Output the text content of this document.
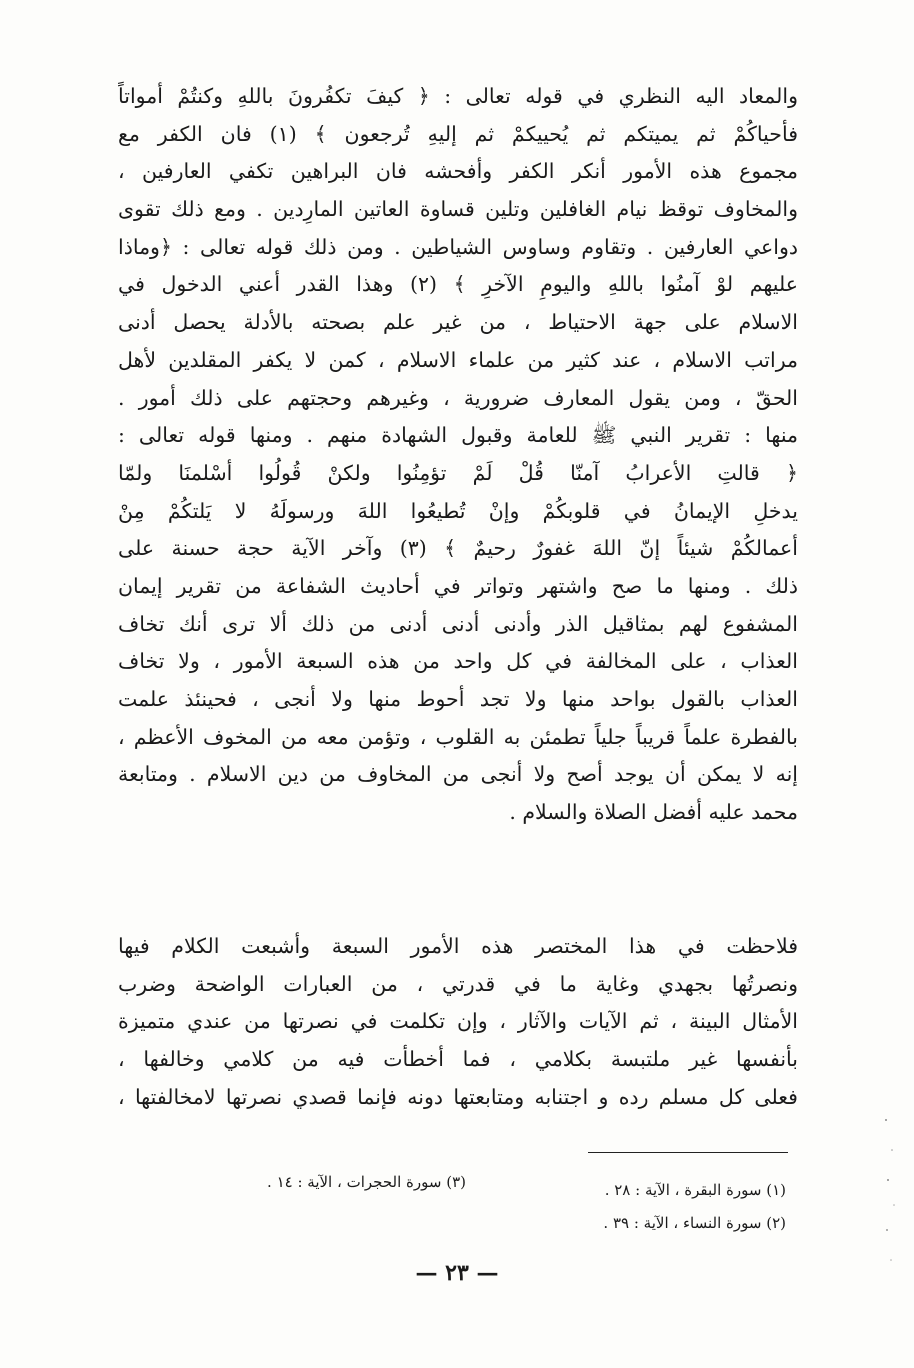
والمعاد اليه النظري في قوله تعالى : ﴿ كيفَ تكفُرونَ باللهِ وكنتُمْ أمواتاً
فأحياكُمْ ثم يميتكم ثم يُحييكمْ ثم إليهِ تُرجعون ﴾ (١) فان الكفر مع
مجموع هذه الأمور أنكر الكفر وأفحشه فان البراهين تكفي العارفين ،
والمخاوف توقظ نيام الغافلين وتلين قساوة العاتين المارِدين . ومع ذلك تقوى
دواعي العارفين . وتقاوم وساوس الشياطين . ومن ذلك قوله تعالى : ﴿وماذا
عليهم لوْ آمنُوا باللهِ واليومِ الآخرِ ﴾ (٢) وهذا القدر أعني الدخول في
الاسلام على جهة الاحتياط ، من غير علم بصحته بالأدلة يحصل أدنى
مراتب الاسلام ، عند كثير من علماء الاسلام ، كمن لا يكفر المقلدين لأهل
الحقّ ، ومن يقول المعارف ضرورية ، وغيرهم وحجتهم على ذلك أمور .
منها : تقرير النبي ﷺ للعامة وقبول الشهادة منهم . ومنها قوله تعالى :
﴿ قالتِ الأعرابُ آمنّا قُلْ لَمْ تؤمِنُوا ولكنْ قُولُوا أسْلمنَا ولمّا
يدخلِ الإيمانُ في قلوبكُمْ وإنْ تُطيعُوا اللهَ ورسولَهُ لا يَلتكُمْ مِنْ
أعمالكُمْ شيئاً إنّ اللهَ غفورٌ رحيمٌ ﴾ (٣) وآخر الآية حجة حسنة على
ذلك . ومنها ما صح واشتهر وتواتر في أحاديث الشفاعة من تقرير إيمان
المشفوع لهم بمثاقيل الذر وأدنى أدنى أدنى من ذلك ألا ترى أنك تخاف
العذاب ، على المخالفة في كل واحد من هذه السبعة الأمور ، ولا تخاف
العذاب بالقول بواحد منها ولا تجد أحوط منها ولا أنجى ، فحينئذ علمت
بالفطرة علماً قريباً جلياً تطمئن به القلوب ، وتؤمن معه من المخوف الأعظم ،
إنه لا يمكن أن يوجد أصح ولا أنجى من المخاوف من دين الاسلام . ومتابعة
محمد عليه أفضل الصلاة والسلام .
فلاحظت في هذا المختصر هذه الأمور السبعة وأشبعت الكلام فيها
ونصرتُها بجهدي وغاية ما في قدرتي ، من العبارات الواضحة وضرب
الأمثال البينة ، ثم الآيات والآثار ، وإن تكلمت في نصرتها من عندي متميزة
بأنفسها غير ملتبسة بكلامي ، فما أخطأت فيه من كلامي وخالفها ،
فعلى كل مسلم رده و اجتنابه ومتابعتها دونه فإنما قصدي نصرتها لامخالفتها ،
(١) سورة البقرة ، الآية : ٢٨ .
(٢) سورة النساء ، الآية : ٣٩ .
(٣) سورة الحجرات ، الآية : ١٤ .
— ٢٣ —
